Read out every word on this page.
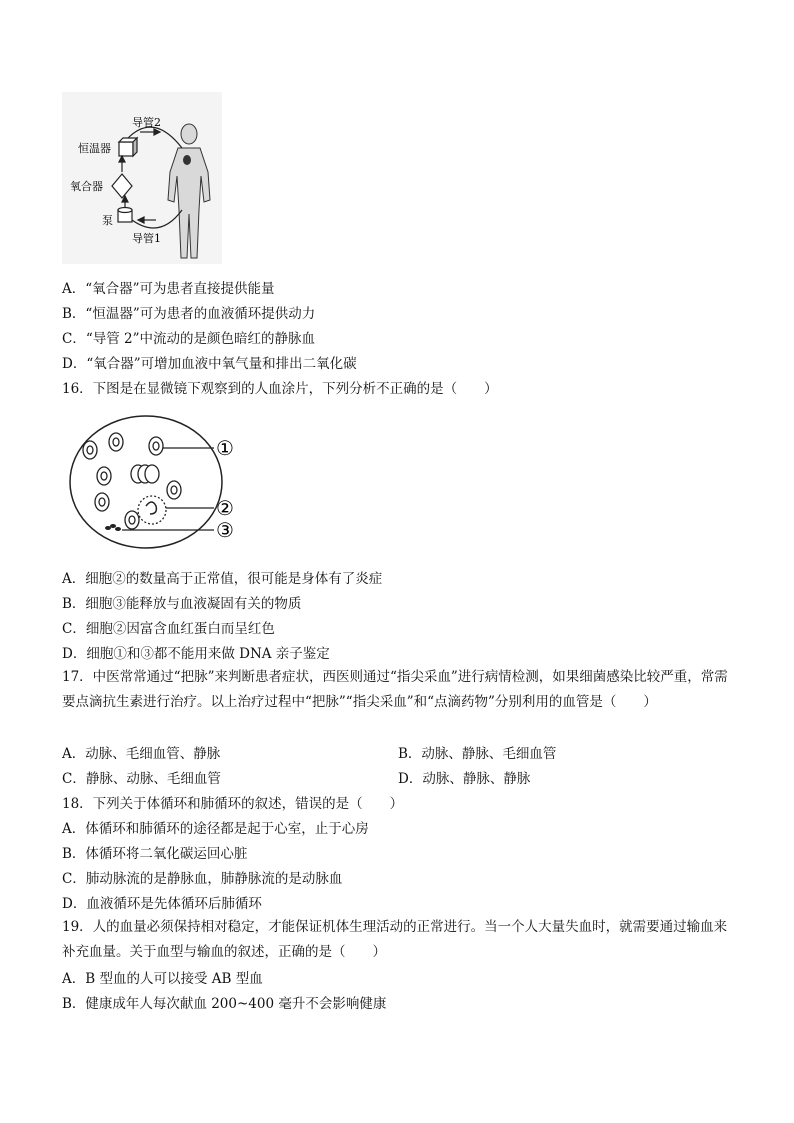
导管2
恒温器
氧合器
泵
导管1
A．“氧合器”可为患者直接提供能量
B．“恒温器”可为患者的血液循环提供动力
C．“导管 2”中流动的是颜色暗红的静脉血
D．“氧合器”可增加血液中氧气量和排出二氧化碳
16．下图是在显微镜下观察到的人血涂片，下列分析不正确的是（　　）
①
②
③
A．细胞②的数量高于正常值，很可能是身体有了炎症
B．细胞③能释放与血液凝固有关的物质
C．细胞②因富含血红蛋白而呈红色
D．细胞①和③都不能用来做 DNA 亲子鉴定
17．中医常常通过“把脉”来判断患者症状，西医则通过“指尖采血”进行病情检测，如果细菌感染比较严重，常需要点滴抗生素进行治疗。以上治疗过程中“把脉”“指尖采血”和“点滴药物”分别利用的血管是（　　）
A．动脉、毛细血管、静脉	B．动脉、静脉、毛细血管
C．静脉、动脉、毛细血管	D．动脉、静脉、静脉
18．下列关于体循环和肺循环的叙述，错误的是（　　）
A．体循环和肺循环的途径都是起于心室，止于心房
B．体循环将二氧化碳运回心脏
C．肺动脉流的是静脉血，肺静脉流的是动脉血
D．血液循环是先体循环后肺循环
19．人的血量必须保持相对稳定，才能保证机体生理活动的正常进行。当一个人大量失血时，就需要通过输血来补充血量。关于血型与输血的叙述，正确的是（　　）
A．B 型血的人可以接受 AB 型血
B．健康成年人每次献血 200~400 毫升不会影响健康
